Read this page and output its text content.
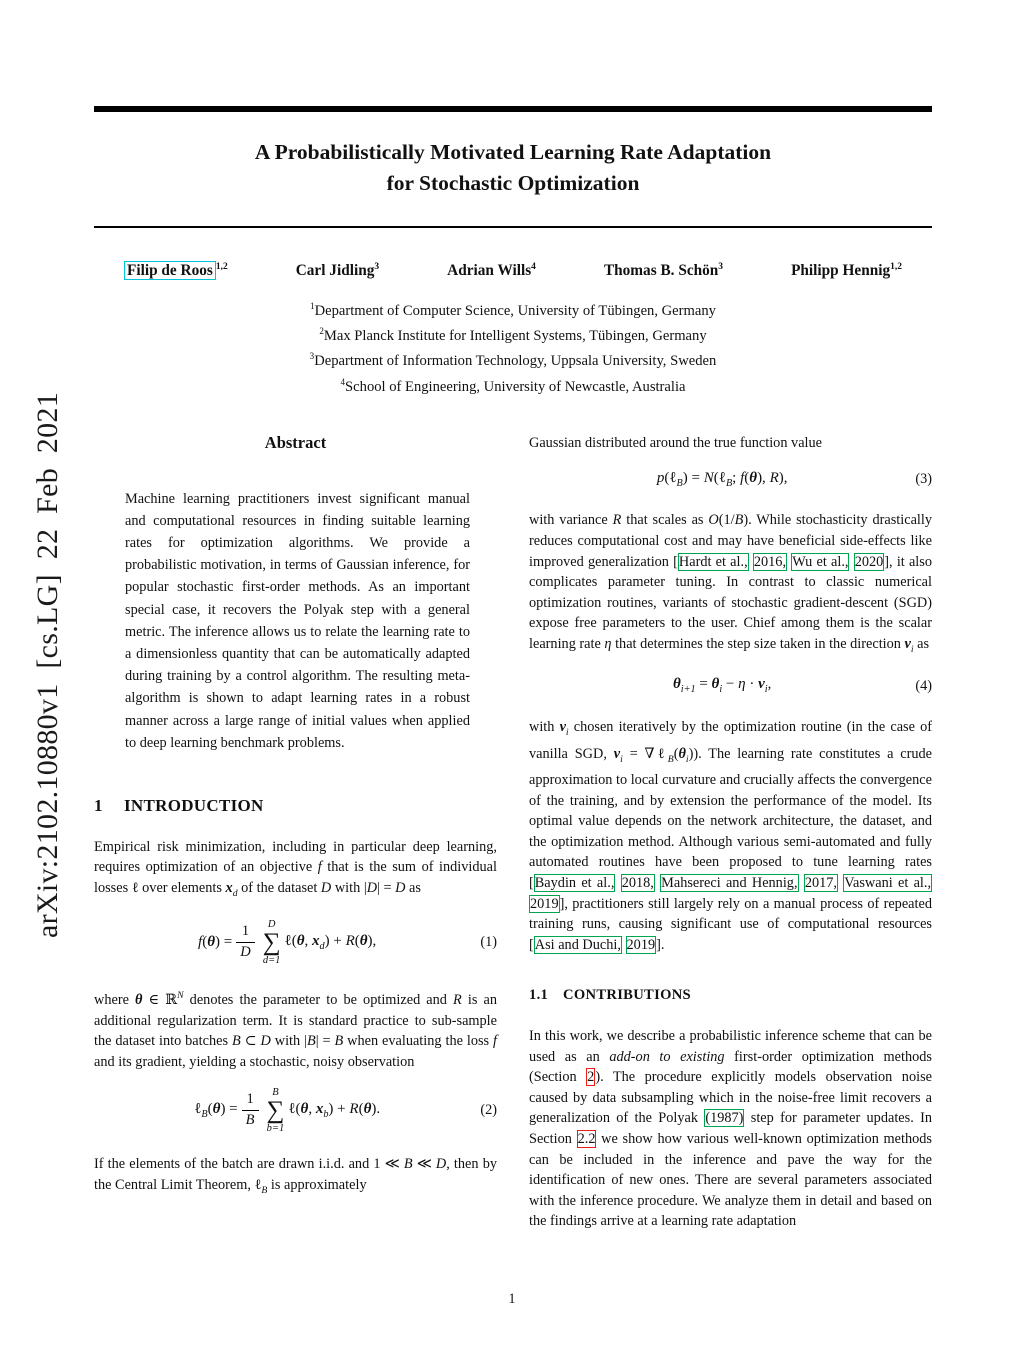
arXiv:2102.10880v1 [cs.LG] 22 Feb 2021
A Probabilistically Motivated Learning Rate Adaptation
for Stochastic Optimization
Filip de Roos $^{1,2}$	Carl Jidling$^3$	Adrian Wills$^4$	Thomas B. Schön$^3$	Philipp Hennig$^{1,2}$
$^1$Department of Computer Science, University of Tübingen, Germany
$^2$Max Planck Institute for Intelligent Systems, Tübingen, Germany
$^3$Department of Information Technology, Uppsala University, Sweden
$^4$School of Engineering, University of Newcastle, Australia
Abstract

Machine learning practitioners invest significant manual and computational resources in finding suitable learning rates for optimization algorithms. We provide a probabilistic motivation, in terms of Gaussian inference, for popular stochastic first-order methods. As an important special case, it recovers the Polyak step with a general metric. The inference allows us to relate the learning rate to a dimensionless quantity that can be automatically adapted during training by a control algorithm. The resulting meta-algorithm is shown to adapt learning rates in a robust manner across a large range of initial values when applied to deep learning benchmark problems.

1	INTRODUCTION

Empirical risk minimization, including in particular deep learning, requires optimization of an objective f that is the sum of individual losses ℓ over elements $x_d$ of the dataset D with |D| = D as

$f(\theta) = \frac{1}{D}$ D
∑
d=1
ℓ(θ, $x_d) + R(\theta)$,	(1)

where θ ∈ ℝ$^N$ denotes the parameter to be optimized and R is an additional regularization term. It is standard practice to sub-sample the dataset into batches B ⊂ D with |B| = B when evaluating the loss f and its gradient, yielding a stochastic, noisy observation

ℓ$_B$(θ) = $\frac{1}{B}$ B
∑
b=1
ℓ(θ, $x_b) + R(\theta)$.	(2)

If the elements of the batch are drawn i.i.d. and 1 ≪ B ≪ D, then by the Central Limit Theorem, ℓ$_B$ is approximately

Gaussian distributed around the true function value

p(ℓ$_B$) = N(ℓ$_B$; f(θ), R),	(3)

with variance R that scales as O(1/B). While stochasticity drastically reduces computational cost and may have beneficial side-effects like improved generalization [Hardt et al., 2016, Wu et al., 2020], it also complicates parameter tuning. In contrast to classic numerical optimization routines, variants of stochastic gradient-descent (SGD) expose free parameters to the user. Chief among them is the scalar learning rate η that determines the step size taken in the direction $v_i$ as

$\theta_{i+1} = \theta_i - \eta \cdot v_i$,	(4)

with $v_i$ chosen iteratively by the optimization routine (in the case of vanilla SGD, $v_i$ = $\nabla\ell_B(\theta_i)$). The learning rate constitutes a crude approximation to local curvature and crucially affects the convergence of the training, and by extension the performance of the model. Its optimal value depends on the network architecture, the dataset, and the optimization method. Although various semi-automated and fully automated routines have been proposed to tune learning rates [Baydin et al., 2018, Mahsereci and Hennig, 2017, Vaswani et al., 2019], practitioners still largely rely on a manual process of repeated training runs, causing significant use of computational resources [Asi and Duchi, 2019].

1.1	CONTRIBUTIONS

In this work, we describe a probabilistic inference scheme that can be used as an add-on to existing first-order optimization methods (Section 2). The procedure explicitly models observation noise caused by data subsampling which in the noise-free limit recovers a generalization of the Polyak (1987) step for parameter updates. In Section 2.2 we show how various well-known optimization methods can be included in the inference and pave the way for the identification of new ones. There are several parameters associated with the inference procedure. We analyze them in detail and based on the findings arrive at a learning rate adaptation

1
